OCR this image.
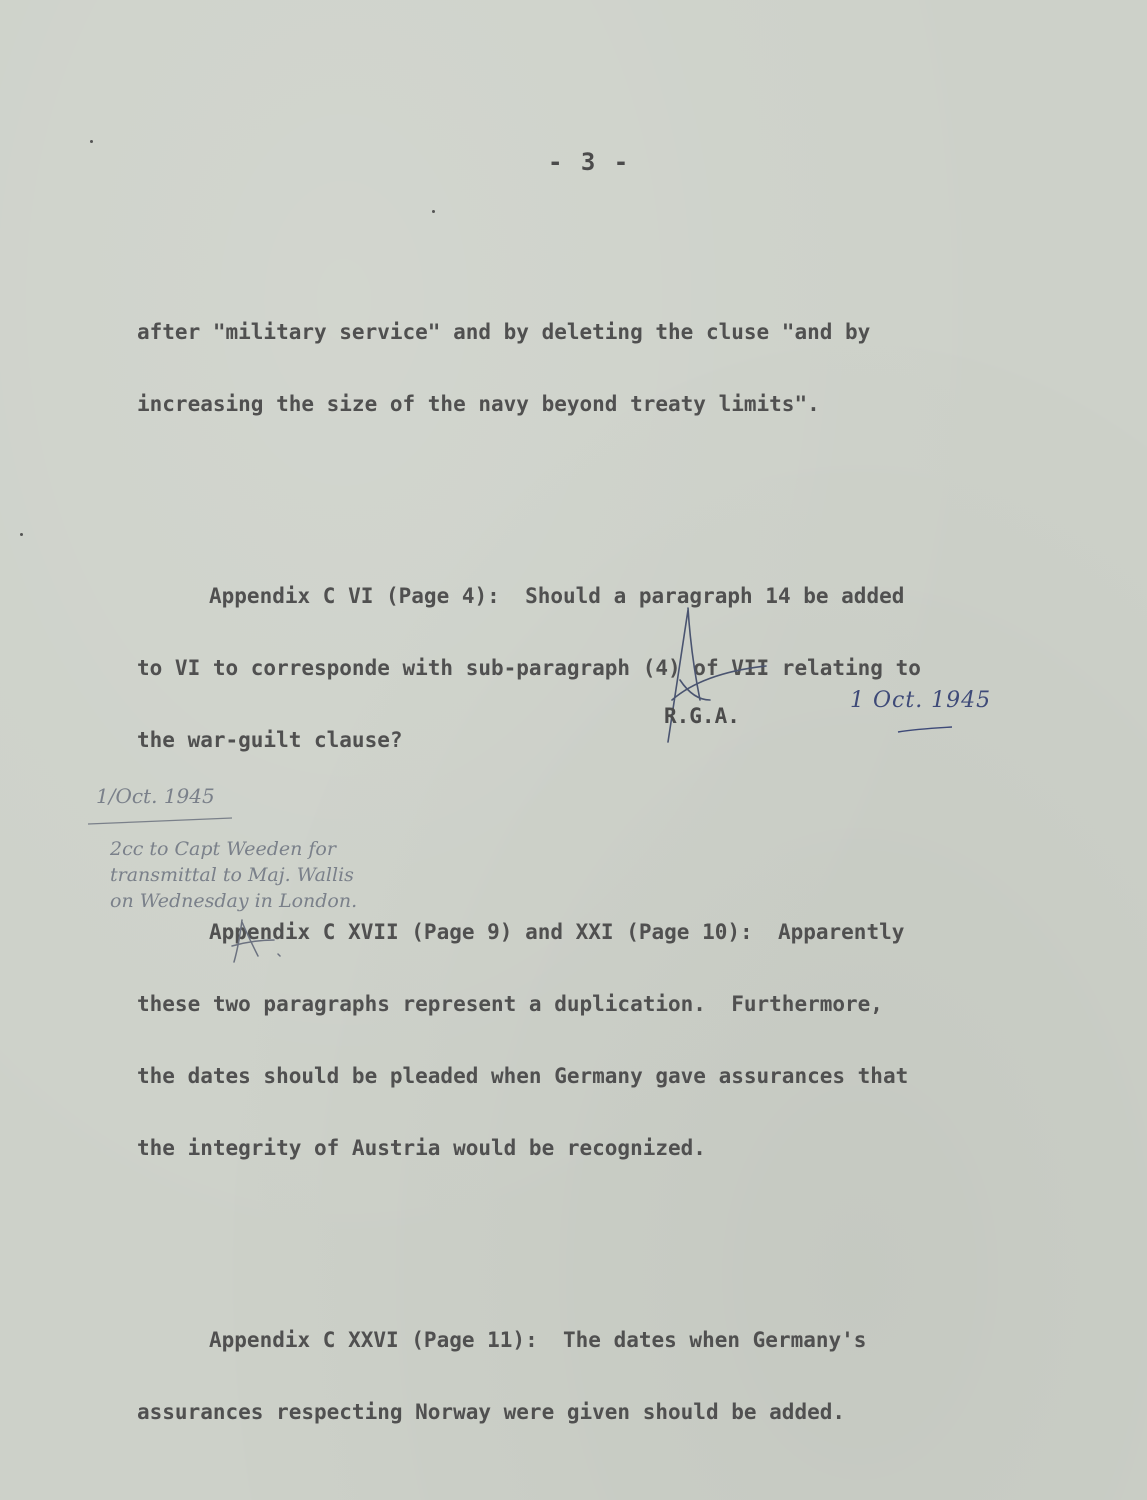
- 3 -

after "military service" and by deleting the cluse "and by

increasing the size of the navy beyond treaty limits".

Appendix C VI (Page 4):  Should a paragraph 14 be added

to VI to corresponde with sub-paragraph (4) of VII relating to

the war-guilt clause?

Appendix C XVII (Page 9) and XXI (Page 10):  Apparently

these two paragraphs represent a duplication.  Furthermore,

the dates should be pleaded when Germany gave assurances that

the integrity of Austria would be recognized.

Appendix C XXVI (Page 11):  The dates when Germany's

assurances respecting Norway were given should be added.

R.G.A.
1 Oct. 1945
1/Oct. 1945
2cc to Capt Weeden for
transmittal to Maj. Wallis
on Wednesday in London.
